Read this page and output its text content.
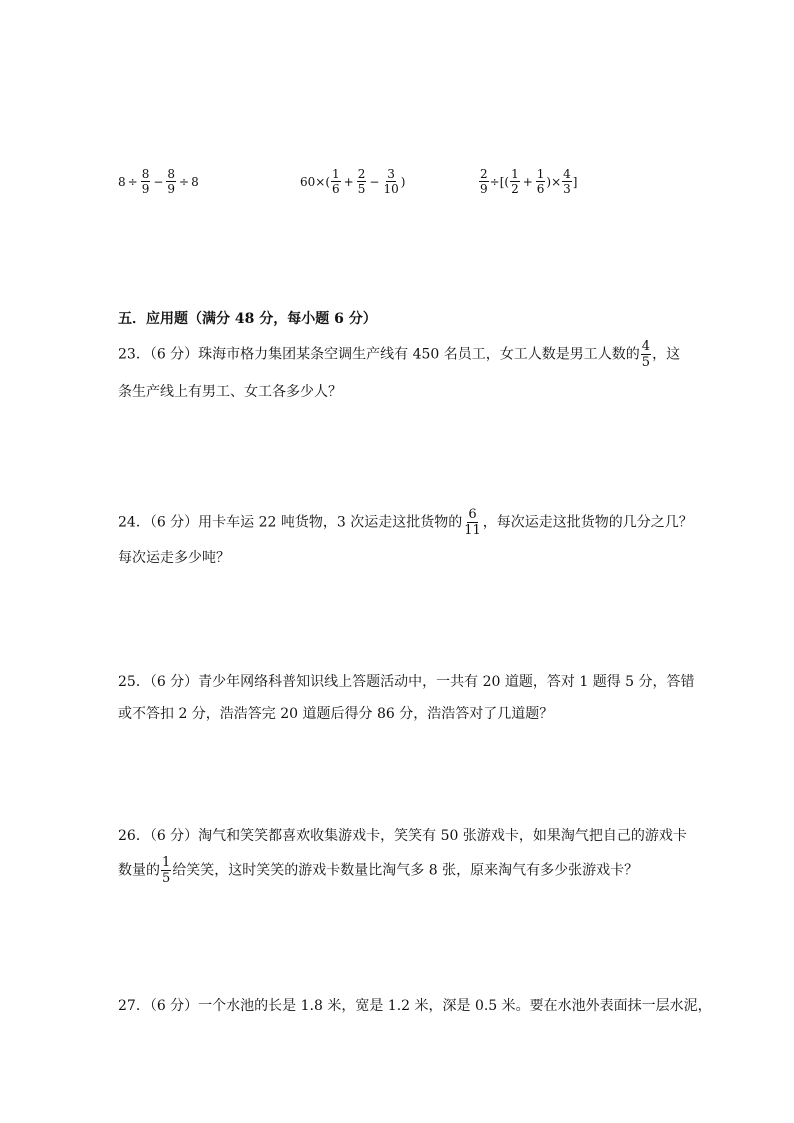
$8 \div \frac{8}{9} - \frac{8}{9} \div 8$	60 ×( $\frac{1}{6} + \frac{2}{5} - \frac{3}{10}$ )	$\frac{2}{9}$ ÷[( $\frac{1}{2} + \frac{1}{6}$ )× $\frac{4}{3}$ ]
五．应用题（满分 48 分，每小题 6 分）
23．（6 分）珠海市格力集团某条空调生产线有 450 名员工，女工人数是男工人数的 $\frac{4}{5}$ ，这
条生产线上有男工、女工各多少人？
24．（6 分）用卡车运 22 吨货物，3 次运走这批货物的 $\frac{6}{11}$ ，每次运走这批货物的几分之几？
每次运走多少吨？
25．（6 分）青少年网络科普知识线上答题活动中，一共有 20 道题，答对 1 题得 5 分，答错
或不答扣 2 分，浩浩答完 20 道题后得分 86 分，浩浩答对了几道题？
26．（6 分）淘气和笑笑都喜欢收集游戏卡，笑笑有 50 张游戏卡，如果淘气把自己的游戏卡
数量的 $\frac{1}{5}$ 给笑笑，这时笑笑的游戏卡数量比淘气多 8 张，原来淘气有多少张游戏卡？
27．（6 分）一个水池的长是 1.8 米，宽是 1.2 米，深是 0.5 米。要在水池外表面抹一层水泥，
